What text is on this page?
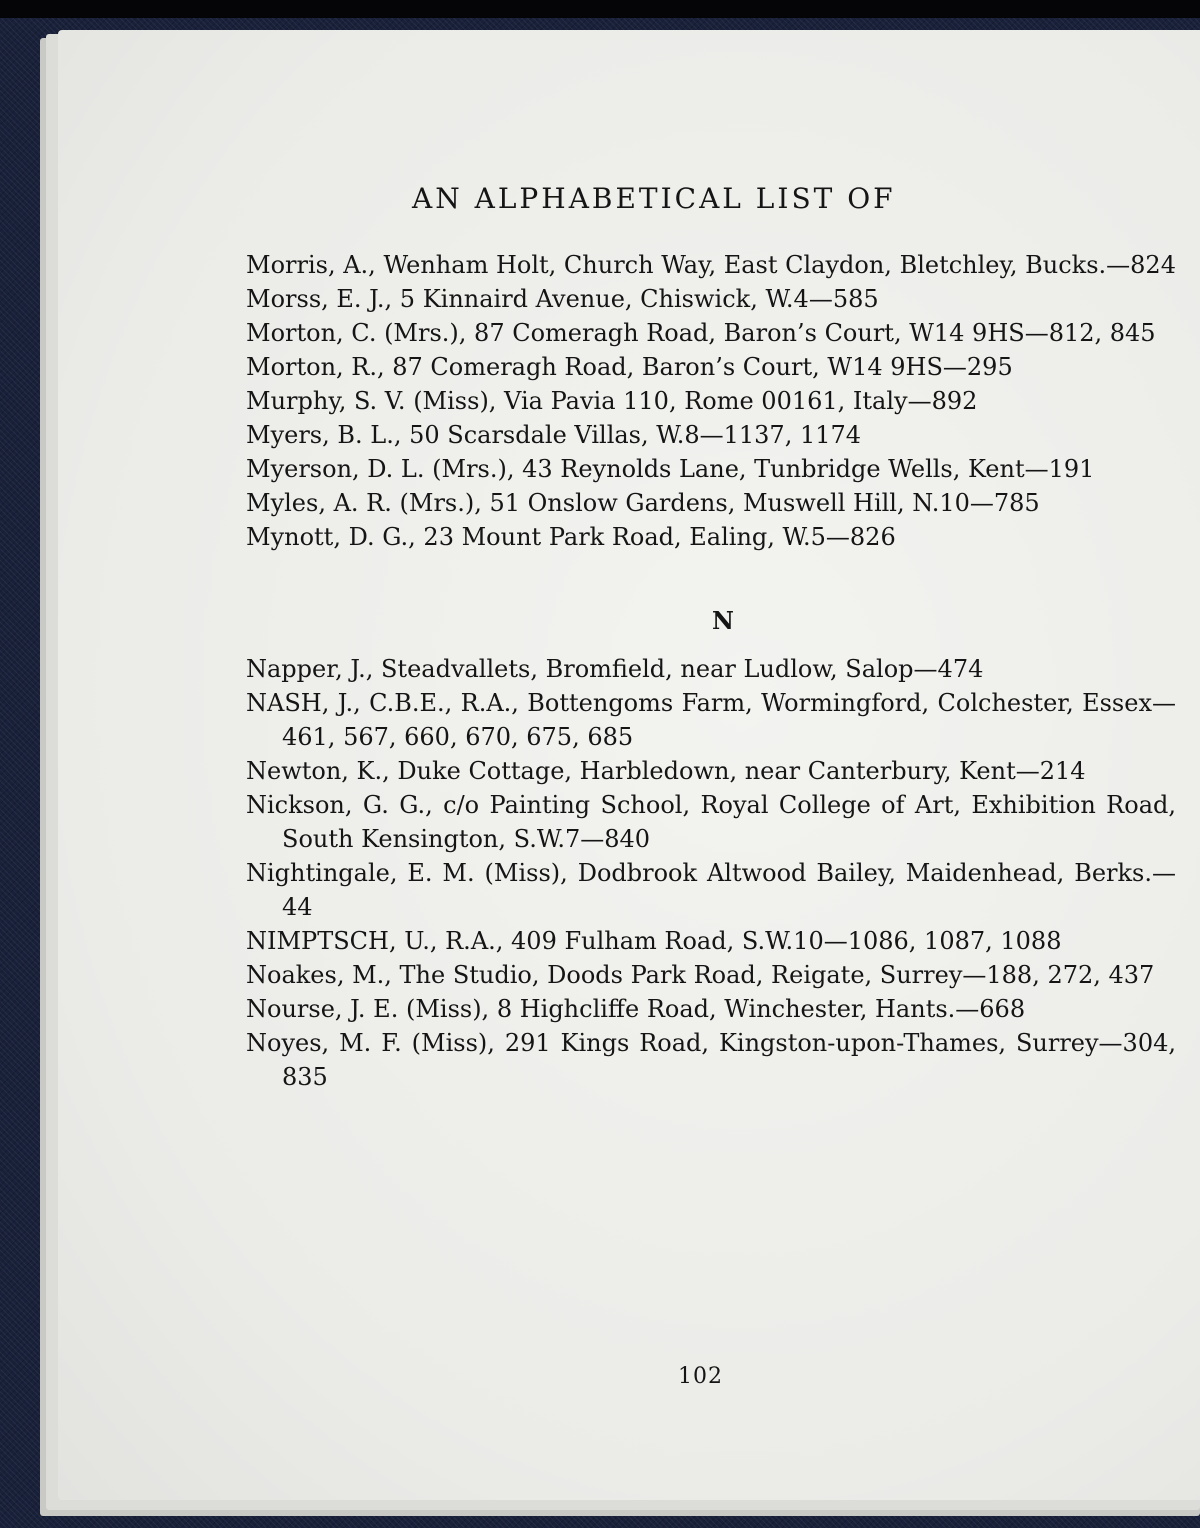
AN ALPHABETICAL LIST OF
Morris, A., Wenham Holt, Church Way, East Claydon, Bletchley, Bucks.—824
Morss, E. J., 5 Kinnaird Avenue, Chiswick, W.4—585
Morton, C. (Mrs.), 87 Comeragh Road, Baron’s Court, W14 9HS—812, 845
Morton, R., 87 Comeragh Road, Baron’s Court, W14 9HS—295
Murphy, S. V. (Miss), Via Pavia 110, Rome 00161, Italy—892
Myers, B. L., 50 Scarsdale Villas, W.8—1137, 1174
Myerson, D. L. (Mrs.), 43 Reynolds Lane, Tunbridge Wells, Kent—191
Myles, A. R. (Mrs.), 51 Onslow Gardens, Muswell Hill, N.10—785
Mynott, D. G., 23 Mount Park Road, Ealing, W.5—826
N
Napper, J., Steadvallets, Bromfield, near Ludlow, Salop—474
NASH, J., C.B.E., R.A., Bottengoms Farm, Wormingford, Colchester, Essex—461, 567, 660, 670, 675, 685
Newton, K., Duke Cottage, Harbledown, near Canterbury, Kent—214
Nickson, G. G., c/o Painting School, Royal College of Art, Exhibition Road, South Kensington, S.W.7—840
Nightingale, E. M. (Miss), Dodbrook Altwood Bailey, Maidenhead, Berks.—44
NIMPTSCH, U., R.A., 409 Fulham Road, S.W.10—1086, 1087, 1088
Noakes, M., The Studio, Doods Park Road, Reigate, Surrey—188, 272, 437
Nourse, J. E. (Miss), 8 Highcliffe Road, Winchester, Hants.—668
Noyes, M. F. (Miss), 291 Kings Road, Kingston-upon-Thames, Surrey—304, 835
102
